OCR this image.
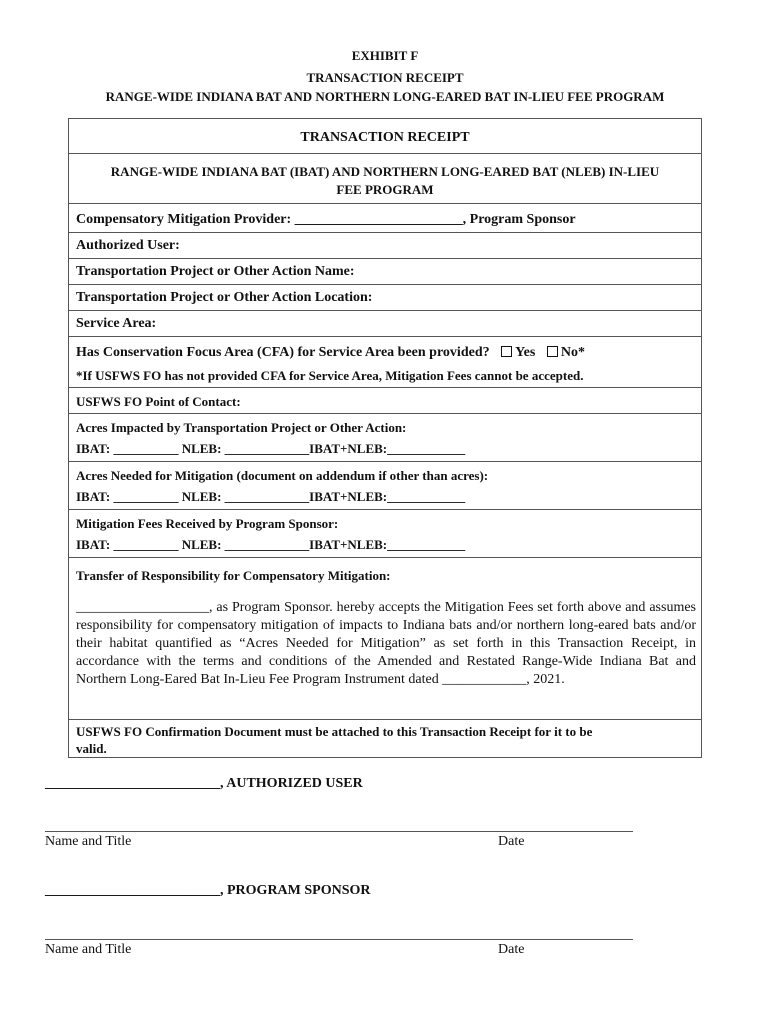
EXHIBIT F
TRANSACTION RECEIPT
RANGE-WIDE INDIANA BAT AND NORTHERN LONG-EARED BAT IN-LIEU FEE PROGRAM
TRANSACTION RECEIPT
RANGE-WIDE INDIANA BAT (IBAT) AND NORTHERN LONG-EARED BAT (NLEB) IN-LIEU
FEE PROGRAM
Compensatory Mitigation Provider: ________________________, Program Sponsor
Authorized User:
Transportation Project or Other Action Name:
Transportation Project or Other Action Location:
Service Area:
Has Conservation Focus Area (CFA) for Service Area been provided? Yes No*
*If USFWS FO has not provided CFA for Service Area, Mitigation Fees cannot be accepted.
USFWS FO Point of Contact:
Acres Impacted by Transportation Project or Other Action:
IBAT: __________ NLEB: _____________IBAT+NLEB:____________
Acres Needed for Mitigation (document on addendum if other than acres):
IBAT: __________ NLEB: _____________IBAT+NLEB:____________
Mitigation Fees Received by Program Sponsor:
IBAT: __________ NLEB: _____________IBAT+NLEB:____________
Transfer of Responsibility for Compensatory Mitigation:
___________________, as Program Sponsor. hereby accepts the Mitigation Fees set forth above and assumes responsibility for compensatory mitigation of impacts to Indiana bats and/or northern long-eared bats and/or their habitat quantified as “Acres Needed for Mitigation” as set forth in this Transaction Receipt, in accordance with the terms and conditions of the Amended and Restated Range-Wide Indiana Bat and Northern Long-Eared Bat In-Lieu Fee Program Instrument dated ____________, 2021.
USFWS FO Confirmation Document must be attached to this Transaction Receipt for it to be
valid.
_________________________, AUTHORIZED USER
Name and Title	Date
_________________________, PROGRAM SPONSOR
Name and Title	Date
